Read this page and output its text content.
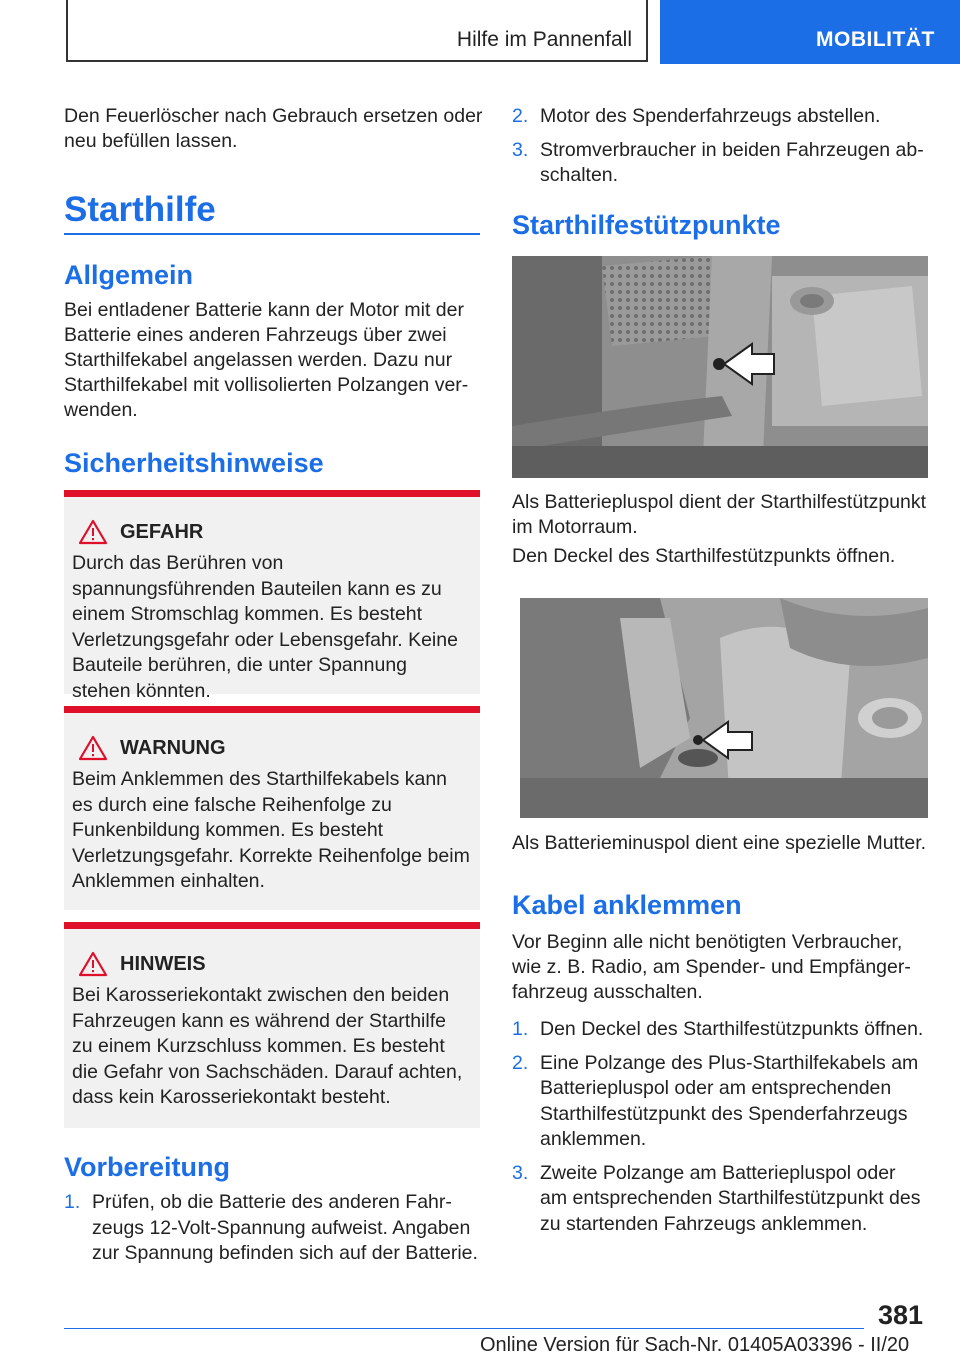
Hilfe im Pannenfall	MOBILITÄT
Den Feuerlöscher nach Gebrauch ersetzen oder neu befüllen lassen.
Starthilfe
Allgemein
Bei entladener Batterie kann der Motor mit der Batterie eines anderen Fahrzeugs über zwei Starthilfekabel angelassen werden. Dazu nur Starthilfekabel mit vollisolierten Polzangen verwenden.
Sicherheitshinweise
GEFAHR
Durch das Berühren von spannungsführenden Bauteilen kann es zu einem Stromschlag kommen. Es besteht Verletzungsgefahr oder Lebensgefahr. Keine Bauteile berühren, die unter Spannung stehen könnten.
WARNUNG
Beim Anklemmen des Starthilfekabels kann es durch eine falsche Reihenfolge zu Funkenbildung kommen. Es besteht Verletzungsgefahr. Korrekte Reihenfolge beim Anklemmen einhalten.
HINWEIS
Bei Karosseriekontakt zwischen den beiden Fahrzeugen kann es während der Starthilfe zu einem Kurzschluss kommen. Es besteht die Gefahr von Sachschäden. Darauf achten, dass kein Karosseriekontakt besteht.
Vorbereitung
1. Prüfen, ob die Batterie des anderen Fahrzeugs 12-Volt-Spannung aufweist. Angaben zur Spannung befinden sich auf der Batterie.
2. Motor des Spenderfahrzeugs abstellen.
3. Stromverbraucher in beiden Fahrzeugen abschalten.
Starthilfestützpunkte
Als Batteriepluspol dient der Starthilfestützpunkt im Motorraum.
Den Deckel des Starthilfestützpunkts öffnen.
Als Batterieminuspol dient eine spezielle Mutter.
Kabel anklemmen
Vor Beginn alle nicht benötigten Verbraucher, wie z. B. Radio, am Spender- und Empfängerfahrzeug ausschalten.
1. Den Deckel des Starthilfestützpunkts öffnen.
2. Eine Polzange des Plus-Starthilfekabels am Batteriepluspol oder am entsprechenden Starthilfestützpunkt des Spenderfahrzeugs anklemmen.
3. Zweite Polzange am Batteriepluspol oder am entsprechenden Starthilfestützpunkt des zu startenden Fahrzeugs anklemmen.
381
Online Version für Sach-Nr. 01405A03396 - II/20
